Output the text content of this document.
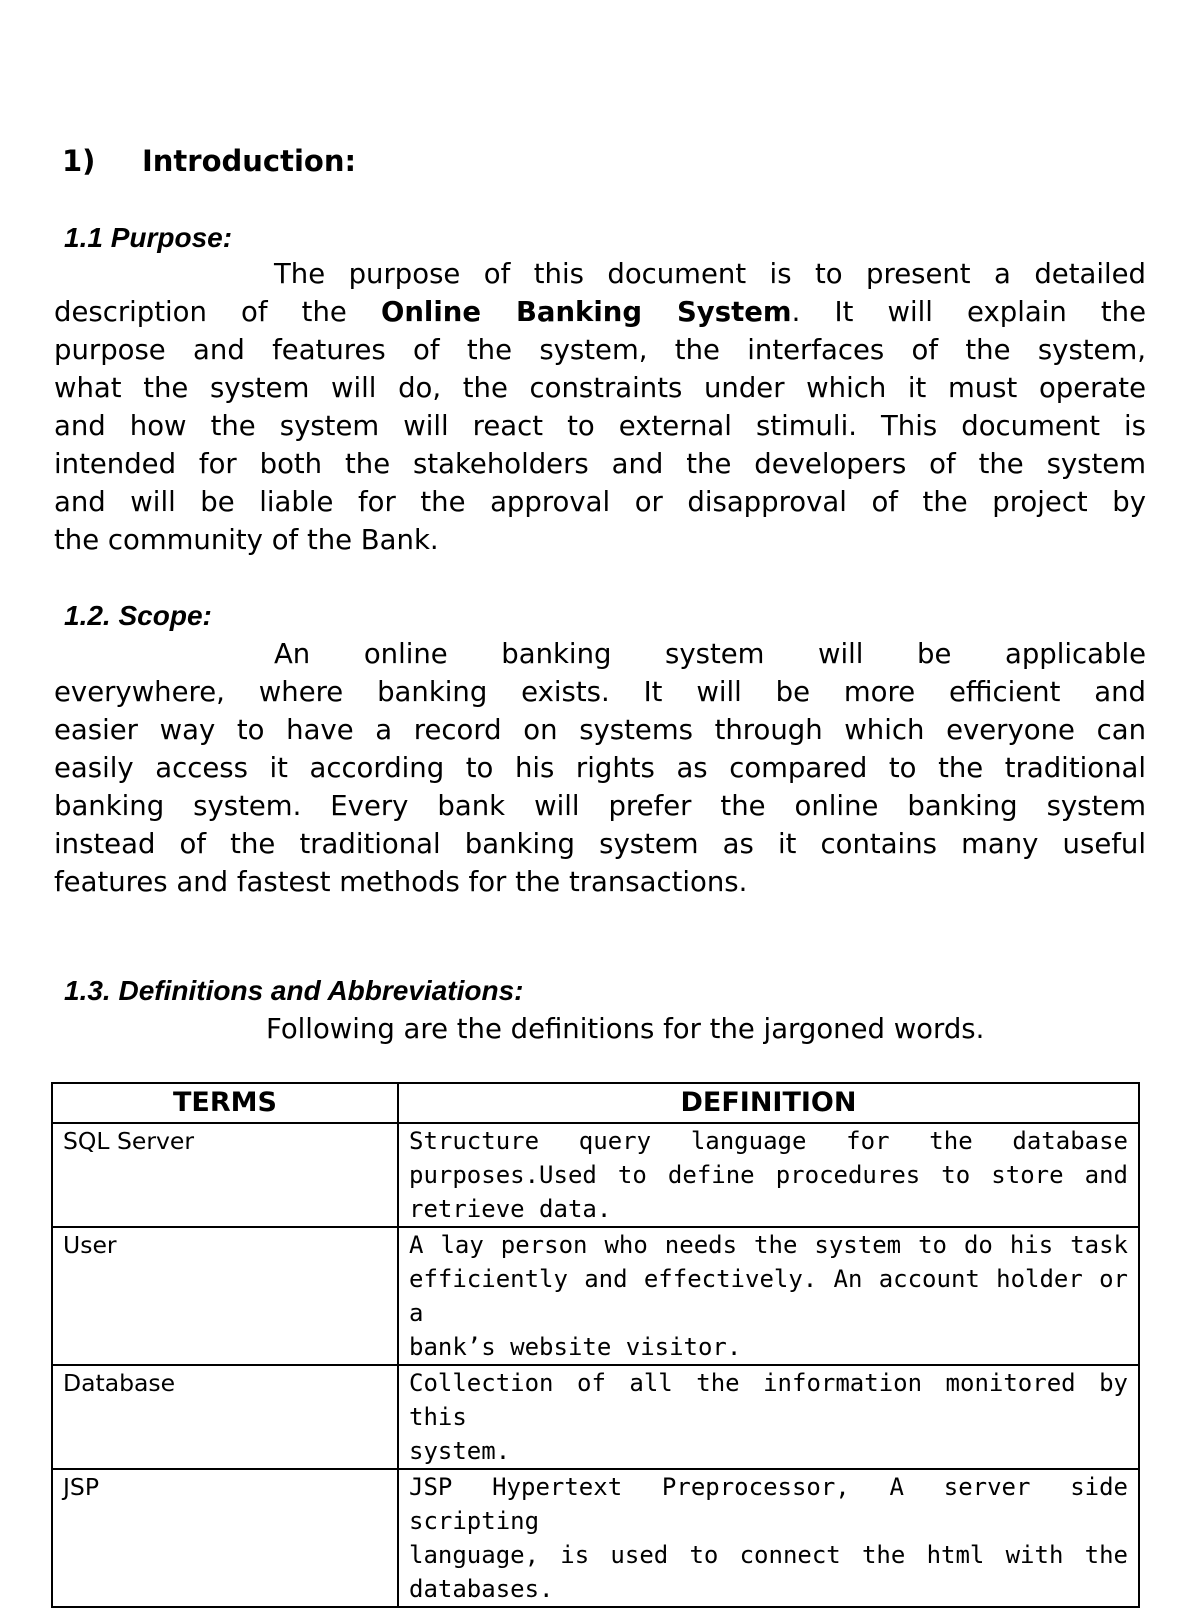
1) Introduction:
1.1 Purpose:
The purpose of this document is to present a detailed
description of the Online Banking System. It will explain the
purpose and features of the system, the interfaces of the system,
what the system will do, the constraints under which it must operate
and how the system will react to external stimuli. This document is
intended for both the stakeholders and the developers of the system
and will be liable for the approval or disapproval of the project by
the community of the Bank.
1.2. Scope:
An online banking system will be applicable
everywhere, where banking exists. It will be more efficient and
easier way to have a record on systems through which everyone can
easily access it according to his rights as compared to the traditional
banking system. Every bank will prefer the online banking system
instead of the traditional banking system as it contains many useful
features and fastest methods for the transactions.
1.3. Definitions and Abbreviations:
Following are the definitions for the jargoned words.
TERMS	DEFINITION
SQL Server	Structure query language for the database
purposes.Used to define procedures to store and
retrieve data.

User	A lay person who needs the system to do his task
efficiently and effectively. An account holder or a
bank’s website visitor.

Database	Collection of all the information monitored by this
system.

JSP	JSP Hypertext Preprocessor, A server side scripting
language, is used to connect the html with the
databases.
